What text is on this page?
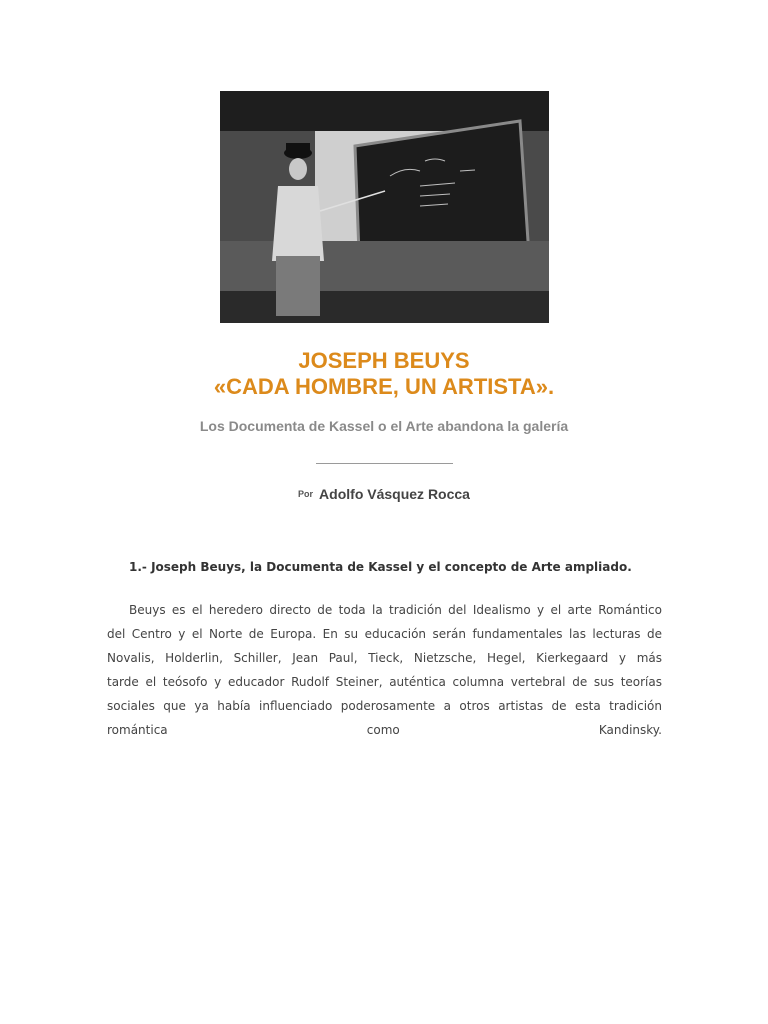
JOSEPH BEUYS
«CADA HOMBRE, UN ARTISTA».

Los Documenta de Kassel o el Arte abandona la galería

Por Adolfo Vásquez Rocca

1.- Joseph Beuys, la Documenta de Kassel y el concepto de Arte ampliado.

Beuys es el heredero directo de toda la tradición del Idealismo y el arte Romántico
del Centro y el Norte de Europa. En su educación serán fundamentales las lecturas de
Novalis, Holderlin, Schiller, Jean Paul, Tieck, Nietzsche, Hegel, Kierkegaard y más
tarde el teósofo y educador Rudolf Steiner, auténtica columna vertebral de sus teorías
sociales que ya había influenciado poderosamente a otros artistas de esta tradición
romántica como Kandinsky.
